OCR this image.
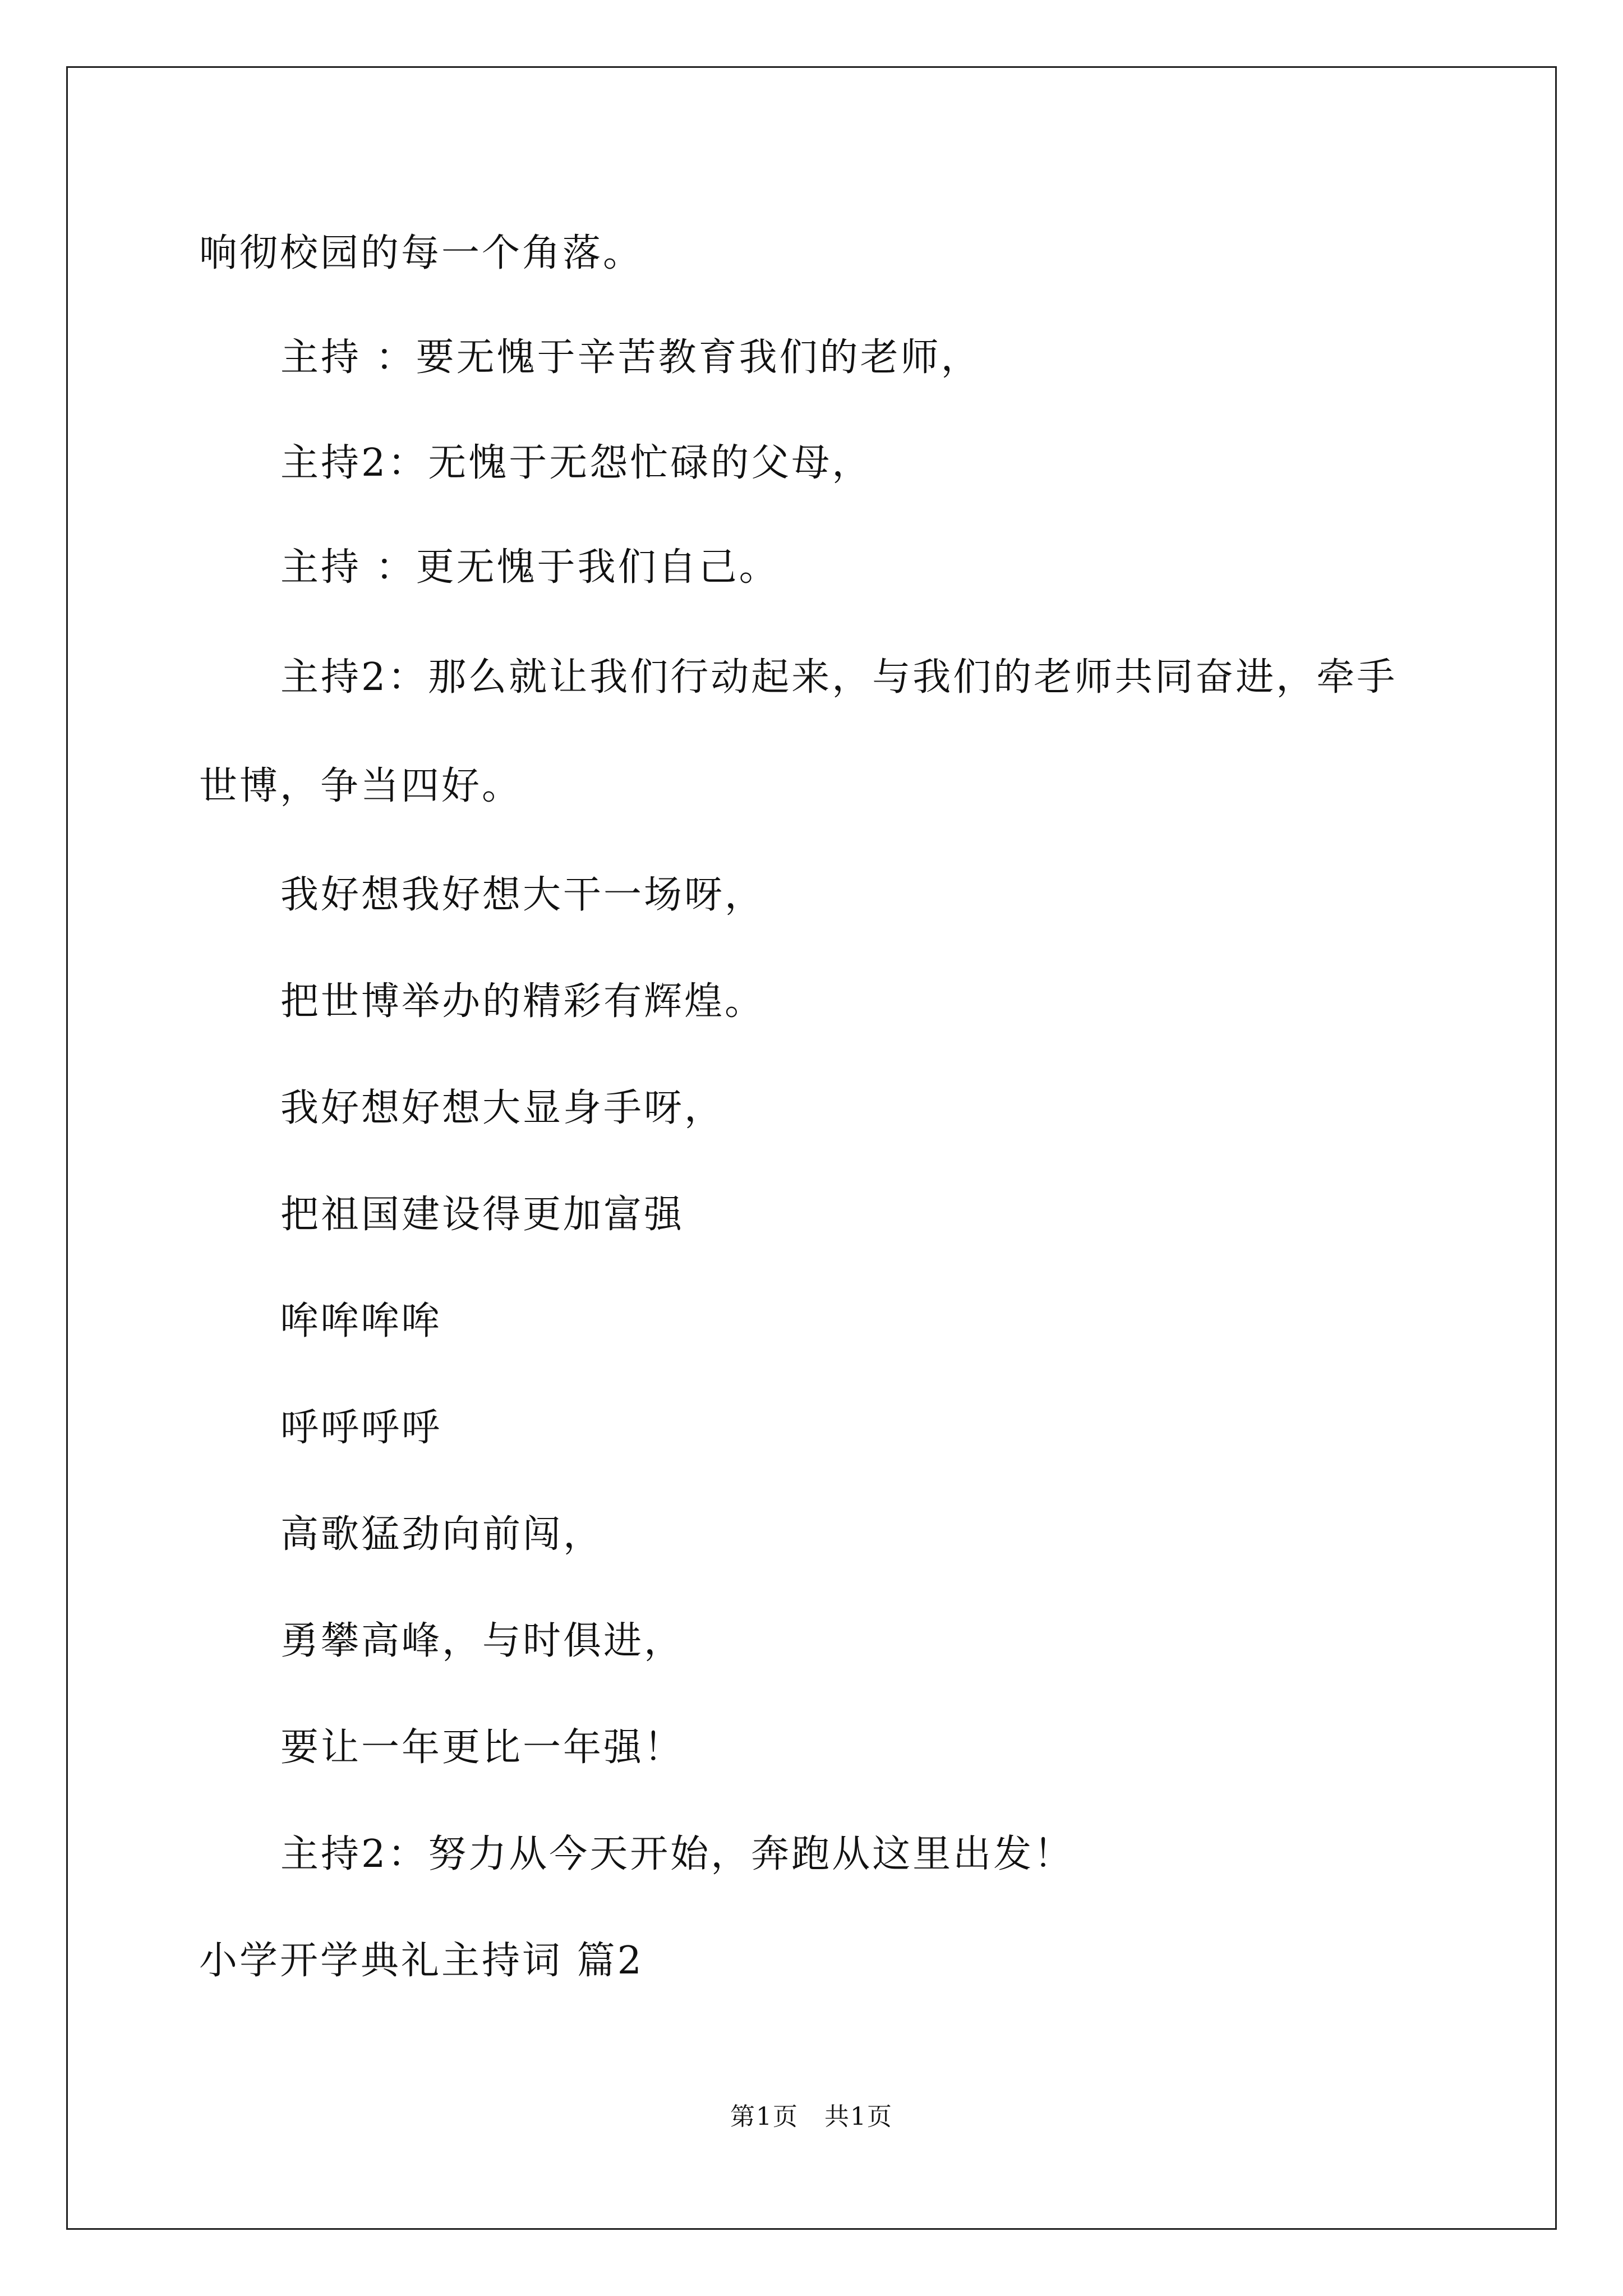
响彻校园的每一个角落。
主持 ：要无愧于辛苦教育我们的老师，
主持2：无愧于无怨忙碌的父母，
主持 ：更无愧于我们自己。
主持2：那么就让我们行动起来，与我们的老师共同奋进，牵手
世博，争当四好。
我好想我好想大干一场呀，
把世博举办的精彩有辉煌。
我好想好想大显身手呀，
把祖国建设得更加富强
哞哞哞哞
呼呼呼呼
高歌猛劲向前闯，
勇攀高峰，与时俱进，
要让一年更比一年强！
主持2：努力从今天开始，奔跑从这里出发！
小学开学典礼主持词 篇2
第1页　共1页
